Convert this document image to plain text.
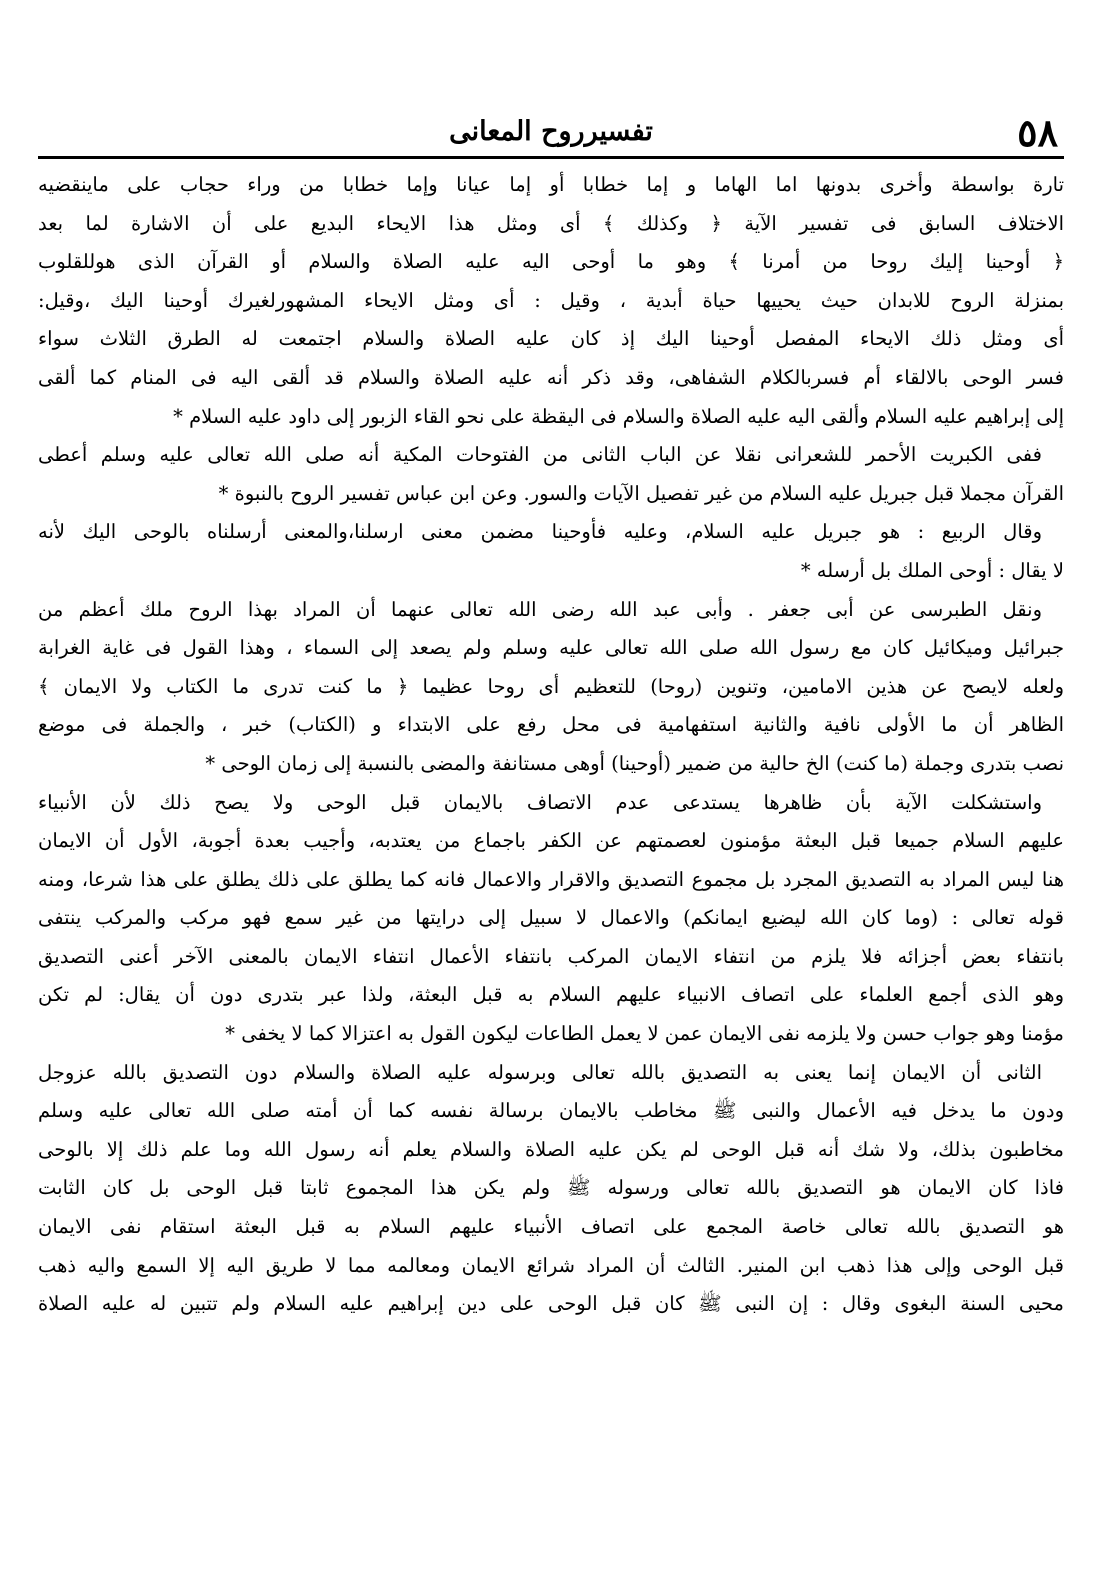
٥٨
تفسيرروح المعانى
تارة بواسطة وأخرى بدونها اما الهاما و إما خطابا أو إما عيانا وإما خطابا من وراء حجاب على ماينقضيه
الاختلاف السابق فى تفسير الآية ﴿ وكذلك ﴾ أى ومثل هذا الايحاء البديع على أن الاشارة لما بعد
﴿ أوحينا إليك روحا من أمرنا ﴾ وهو ما أوحى اليه عليه الصلاة والسلام أو القرآن الذى هوللقلوب
بمنزلة الروح للابدان حيث يحييها حياة أبدية ، وقيل : أى ومثل الايحاء المشهورلغيرك أوحينا اليك ،وقيل:
أى ومثل ذلك الايحاء المفصل أوحينا اليك إذ كان عليه الصلاة والسلام اجتمعت له الطرق الثلاث سواء
فسر الوحى بالالقاء أم فسربالكلام الشفاهى، وقد ذكر أنه عليه الصلاة والسلام قد ألقى اليه فى المنام كما ألقى
إلى إبراهيم عليه السلام وألقى اليه عليه الصلاة والسلام فى اليقظة على نحو القاء الزبور إلى داود عليه السلام *
ففى الكبريت الأحمر للشعرانى نقلا عن الباب الثانى من الفتوحات المكية أنه صلى الله تعالى عليه وسلم أعطى
القرآن مجملا قبل جبريل عليه السلام من غير تفصيل الآيات والسور. وعن ابن عباس تفسير الروح بالنبوة *
وقال الربيع : هو جبريل عليه السلام، وعليه فأوحينا مضمن معنى ارسلنا،والمعنى أرسلناه بالوحى اليك لأنه
لا يقال : أوحى الملك بل أرسله *
ونقل الطبرسى عن أبى جعفر . وأبى عبد الله رضى الله تعالى عنهما أن المراد بهذا الروح ملك أعظم من
جبرائيل وميكائيل كان مع رسول الله صلى الله تعالى عليه وسلم ولم يصعد إلى السماء ، وهذا القول فى غاية الغرابة
ولعله لايصح عن هذين الامامين، وتنوين (روحا) للتعظيم أى روحا عظيما ﴿ ما كنت تدرى ما الكتاب ولا الايمان ﴾
الظاهر أن ما الأولى نافية والثانية استفهامية فى محل رفع على الابتداء و (الكتاب) خبر ، والجملة فى موضع
نصب بتدرى وجملة (ما كنت) الخ حالية من ضمير (أوحينا) أوهى مستانفة والمضى بالنسبة إلى زمان الوحى *
واستشكلت الآية بأن ظاهرها يستدعى عدم الاتصاف بالايمان قبل الوحى ولا يصح ذلك لأن الأنبياء
عليهم السلام جميعا قبل البعثة مؤمنون لعصمتهم عن الكفر باجماع من يعتدبه، وأجيب بعدة أجوبة، الأول أن الايمان
هنا ليس المراد به التصديق المجرد بل مجموع التصديق والاقرار والاعمال فانه كما يطلق على ذلك يطلق على هذا شرعا، ومنه
قوله تعالى : (وما كان الله ليضيع ايمانكم) والاعمال لا سبيل إلى درايتها من غير سمع فهو مركب والمركب ينتفى
بانتفاء بعض أجزائه فلا يلزم من انتفاء الايمان المركب بانتفاء الأعمال انتفاء الايمان بالمعنى الآخر أعنى التصديق
وهو الذى أجمع العلماء على اتصاف الانبياء عليهم السلام به قبل البعثة، ولذا عبر بتدرى دون أن يقال: لم تكن
مؤمنا وهو جواب حسن ولا يلزمه نفى الايمان عمن لا يعمل الطاعات ليكون القول به اعتزالا كما لا يخفى *
الثانى أن الايمان إنما يعنى به التصديق بالله تعالى وبرسوله عليه الصلاة والسلام دون التصديق بالله عزوجل
ودون ما يدخل فيه الأعمال والنبى ﷺ مخاطب بالايمان برسالة نفسه كما أن أمته صلى الله تعالى عليه وسلم
مخاطبون بذلك، ولا شك أنه قبل الوحى لم يكن عليه الصلاة والسلام يعلم أنه رسول الله وما علم ذلك إلا بالوحى
فاذا كان الايمان هو التصديق بالله تعالى ورسوله ﷺ ولم يكن هذا المجموع ثابتا قبل الوحى بل كان الثابت
هو التصديق بالله تعالى خاصة المجمع على اتصاف الأنبياء عليهم السلام به قبل البعثة استقام نفى الايمان
قبل الوحى وإلى هذا ذهب ابن المنير. الثالث أن المراد شرائع الايمان ومعالمه مما لا طريق اليه إلا السمع واليه ذهب
محيى السنة البغوى وقال : إن النبى ﷺ كان قبل الوحى على دين إبراهيم عليه السلام ولم تتبين له عليه الصلاة
